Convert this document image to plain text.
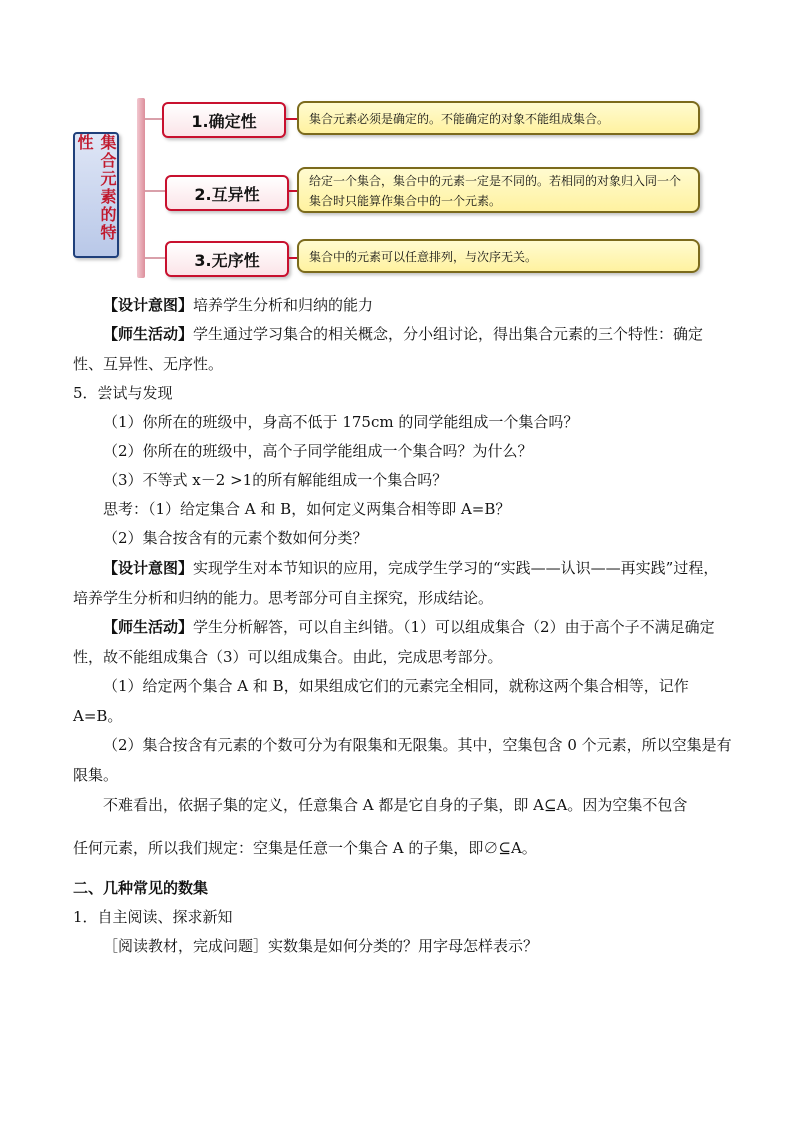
集合元素的特性
1.确定性
2.互异性
3.无序性
集合元素必须是确定的。不能确定的对象不能组成集合。
给定一个集合，集合中的元素一定是不同的。若相同的对象归入同一个集合时只能算作集合中的一个元素。
集合中的元素可以任意排列，与次序无关。

【设计意图】培养学生分析和归纳的能力

【师生活动】学生通过学习集合的相关概念，分小组讨论，得出集合元素的三个特性：确定性、互异性、无序性。

5．尝试与发现

（1）你所在的班级中，身高不低于 175cm 的同学能组成一个集合吗？

（2）你所在的班级中，高个子同学能组成一个集合吗？为什么？

（3）不等式 x－2 >1的所有解能组成一个集合吗？

思考：（1）给定集合 A 和 B，如何定义两集合相等即 A=B？

（2）集合按含有的元素个数如何分类？

【设计意图】实现学生对本节知识的应用，完成学生学习的“实践——认识——再实践”过程，培养学生分析和归纳的能力。思考部分可自主探究，形成结论。

【师生活动】学生分析解答，可以自主纠错。（1）可以组成集合（2）由于高个子不满足确定性，故不能组成集合（3）可以组成集合。由此，完成思考部分。

（1）给定两个集合 A 和 B，如果组成它们的元素完全相同，就称这两个集合相等，记作 A=B。

（2）集合按含有元素的个数可分为有限集和无限集。其中，空集包含 0 个元素，所以空集是有限集。

不难看出，依据子集的定义，任意集合 A 都是它自身的子集，即 A⊆A。因为空集不包含

任何元素，所以我们规定：空集是任意一个集合 A 的子集，即∅⊆A。

二、几种常见的数集

1．自主阅读、探求新知

［阅读教材，完成问题］实数集是如何分类的？用字母怎样表示？
